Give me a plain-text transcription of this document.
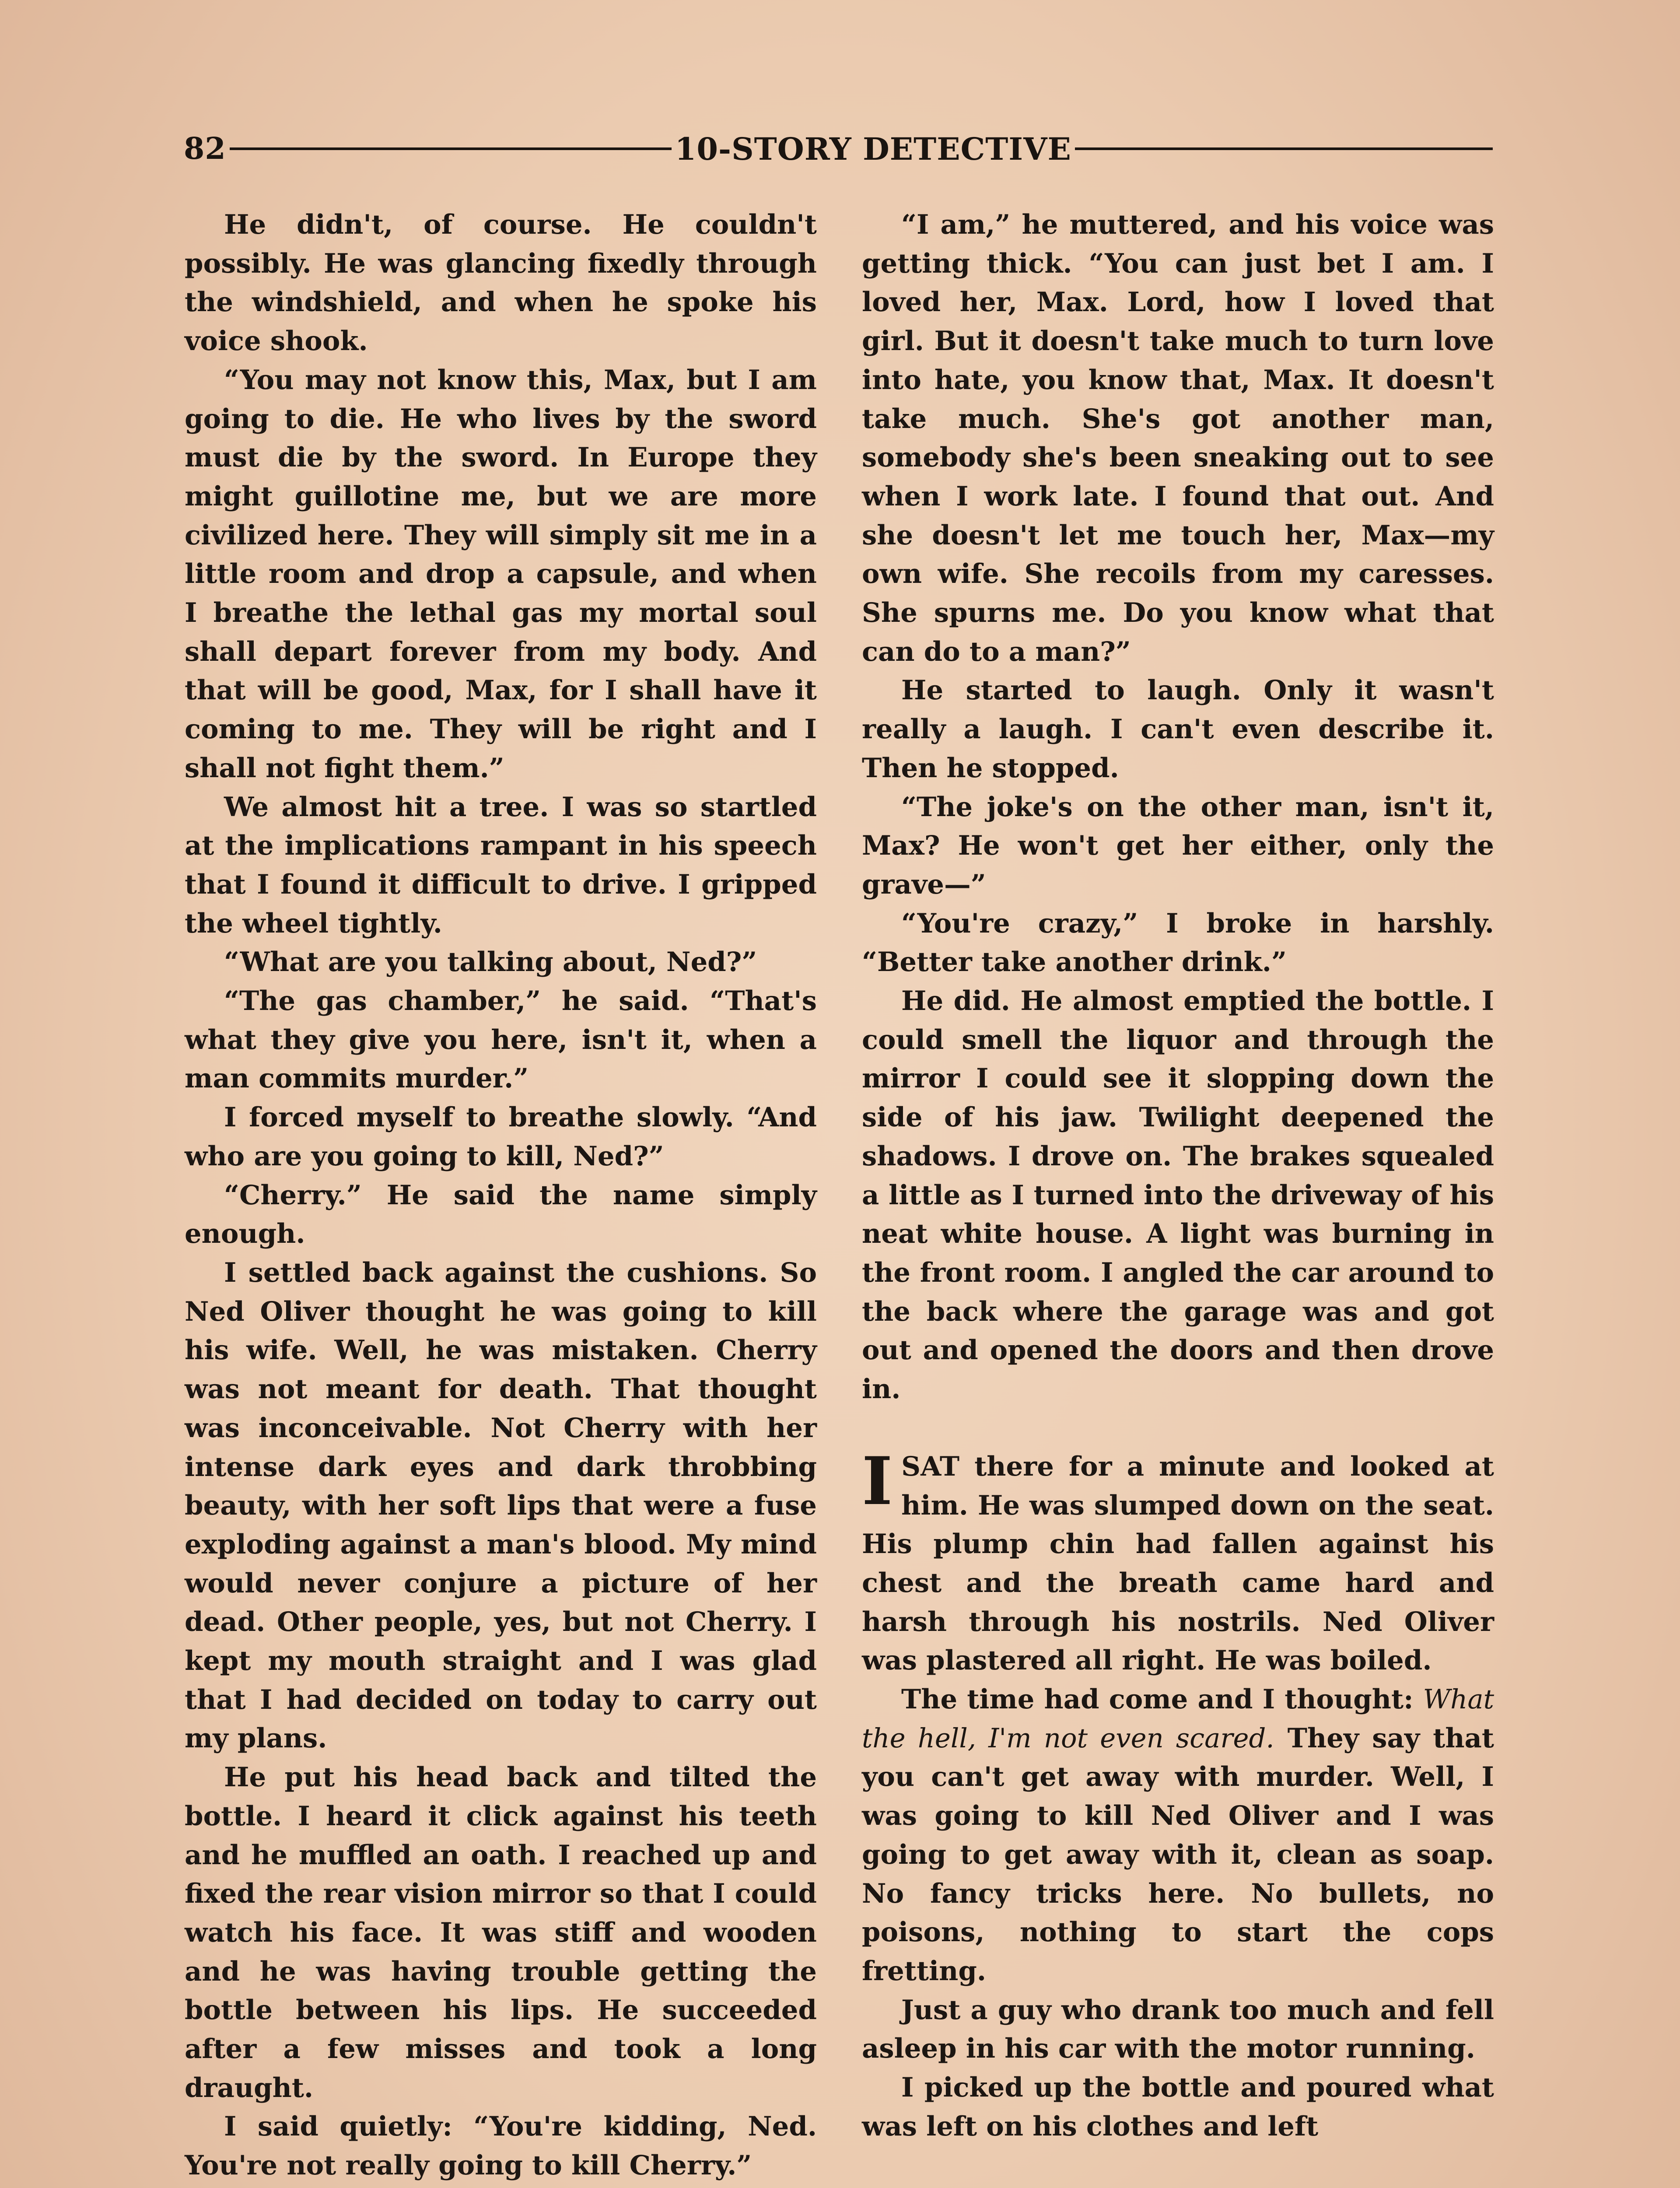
82	10-STORY DETECTIVE

He didn't, of course. He couldn't possibly. He was glancing fixedly through the windshield, and when he spoke his voice shook.

“You may not know this, Max, but I am going to die. He who lives by the sword must die by the sword. In Europe they might guillotine me, but we are more civilized here. They will simply sit me in a little room and drop a capsule, and when I breathe the lethal gas my mortal soul shall depart forever from my body. And that will be good, Max, for I shall have it coming to me. They will be right and I shall not fight them.”

We almost hit a tree. I was so startled at the implications rampant in his speech that I found it difficult to drive. I gripped the wheel tightly.

“What are you talking about, Ned?”

“The gas chamber,” he said. “That's what they give you here, isn't it, when a man commits murder.”

I forced myself to breathe slowly. “And who are you going to kill, Ned?”

“Cherry.” He said the name simply enough.

I settled back against the cushions. So Ned Oliver thought he was going to kill his wife. Well, he was mistaken. Cherry was not meant for death. That thought was inconceivable. Not Cherry with her intense dark eyes and dark throbbing beauty, with her soft lips that were a fuse exploding against a man's blood. My mind would never conjure a picture of her dead. Other people, yes, but not Cherry. I kept my mouth straight and I was glad that I had decided on today to carry out my plans.

He put his head back and tilted the bottle. I heard it click against his teeth and he muffled an oath. I reached up and fixed the rear vision mirror so that I could watch his face. It was stiff and wooden and he was having trouble getting the bottle between his lips. He succeeded after a few misses and took a long draught.

I said quietly: “You're kidding, Ned. You're not really going to kill Cherry.”

“I am,” he muttered, and his voice was getting thick. “You can just bet I am. I loved her, Max. Lord, how I loved that girl. But it doesn't take much to turn love into hate, you know that, Max. It doesn't take much. She's got another man, somebody she's been sneaking out to see when I work late. I found that out. And she doesn't let me touch her, Max—my own wife. She recoils from my caresses. She spurns me. Do you know what that can do to a man?”

He started to laugh. Only it wasn't really a laugh. I can't even describe it. Then he stopped.

“The joke's on the other man, isn't it, Max? He won't get her either, only the grave—”

“You're crazy,” I broke in harshly. “Better take another drink.”

He did. He almost emptied the bottle. I could smell the liquor and through the mirror I could see it slopping down the side of his jaw. Twilight deepened the shadows. I drove on. The brakes squealed a little as I turned into the driveway of his neat white house. A light was burning in the front room. I angled the car around to the back where the garage was and got out and opened the doors and then drove in.

ISAT there for a minute and looked at him. He was slumped down on the seat. His plump chin had fallen against his chest and the breath came hard and harsh through his nostrils. Ned Oliver was plastered all right. He was boiled.

The time had come and I thought: What the hell, I'm not even scared. They say that you can't get away with murder. Well, I was going to kill Ned Oliver and I was going to get away with it, clean as soap. No fancy tricks here. No bullets, no poisons, nothing to start the cops fretting.

Just a guy who drank too much and fell asleep in his car with the motor running.

I picked up the bottle and poured what was left on his clothes and left
